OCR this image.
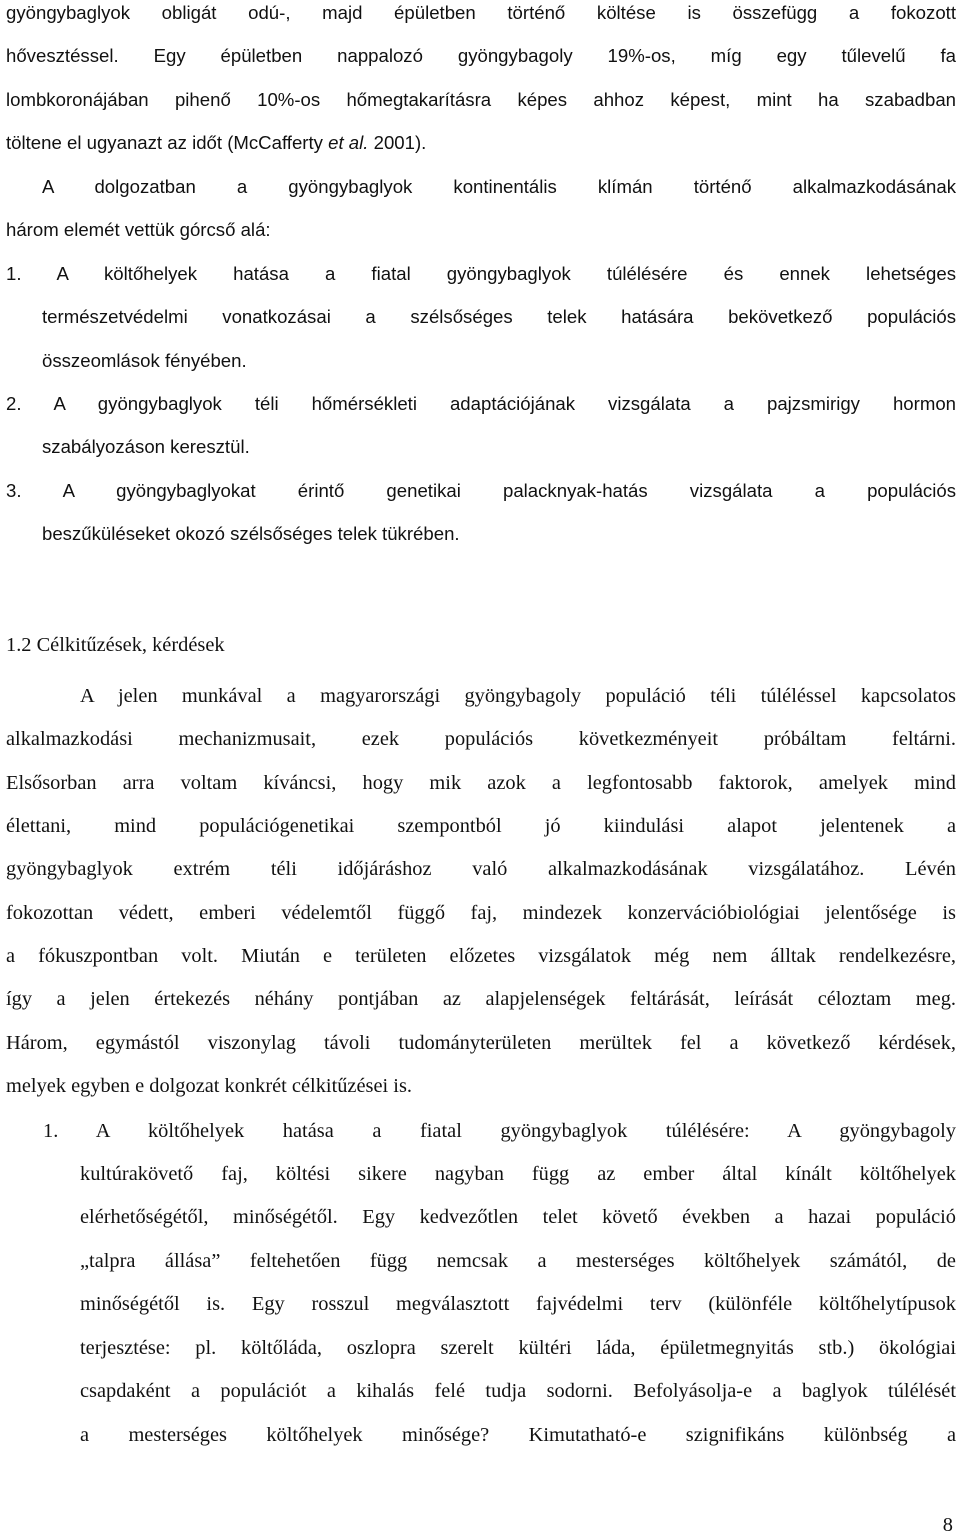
gyöngybaglyok obligát odú-, majd épületben történő költése is összefügg a fokozott
hővesztéssel. Egy épületben nappalozó gyöngybagoly 19%-os, míg egy tűlevelű fa
lombkoronájában pihenő 10%-os hőmegtakarításra képes ahhoz képest, mint ha szabadban
töltene el ugyanazt az időt (McCafferty et al. 2001).
A dolgozatban a gyöngybaglyok kontinentális klímán történő alkalmazkodásának
három elemét vettük górcső alá:
1. A költőhelyek hatása a fiatal gyöngybaglyok túlélésére és ennek lehetséges
természetvédelmi vonatkozásai a szélsőséges telek hatására bekövetkező populációs
összeomlások fényében.
2. A gyöngybaglyok téli hőmérsékleti adaptációjának vizsgálata a pajzsmirigy hormon
szabályozáson keresztül.
3. A gyöngybaglyokat érintő genetikai palacknyak-hatás vizsgálata a populációs
beszűküléseket okozó szélsőséges telek tükrében.
1.2 Célkitűzések, kérdések
A jelen munkával a magyarországi gyöngybagoly populáció téli túléléssel kapcsolatos
alkalmazkodási mechanizmusait, ezek populációs következményeit próbáltam feltárni.
Elsősorban arra voltam kíváncsi, hogy mik azok a legfontosabb faktorok, amelyek mind
élettani, mind populációgenetikai szempontból jó kiindulási alapot jelentenek a
gyöngybaglyok extrém téli időjáráshoz való alkalmazkodásának vizsgálatához. Lévén
fokozottan védett, emberi védelemtől függő faj, mindezek konzervációbiológiai jelentősége is
a fókuszpontban volt. Miután e területen előzetes vizsgálatok még nem álltak rendelkezésre,
így a jelen értekezés néhány pontjában az alapjelenségek feltárását, leírását céloztam meg.
Három, egymástól viszonylag távoli tudományterületen merültek fel a következő kérdések,
melyek egyben e dolgozat konkrét célkitűzései is.
1. A költőhelyek hatása a fiatal gyöngybaglyok túlélésére: A gyöngybagoly
kultúrakövető faj, költési sikere nagyban függ az ember által kínált költőhelyek
elérhetőségétől, minőségétől. Egy kedvezőtlen telet követő években a hazai populáció
„talpra állása” feltehetően függ nemcsak a mesterséges költőhelyek számától, de
minőségétől is. Egy rosszul megválasztott fajvédelmi terv (különféle költőhelytípusok
terjesztése: pl. költőláda, oszlopra szerelt kültéri láda, épületmegnyitás stb.) ökológiai
csapdaként a populációt a kihalás felé tudja sodorni. Befolyásolja-e a baglyok túlélését
a mesterséges költőhelyek minősége? Kimutatható-e szignifikáns különbség a
8
